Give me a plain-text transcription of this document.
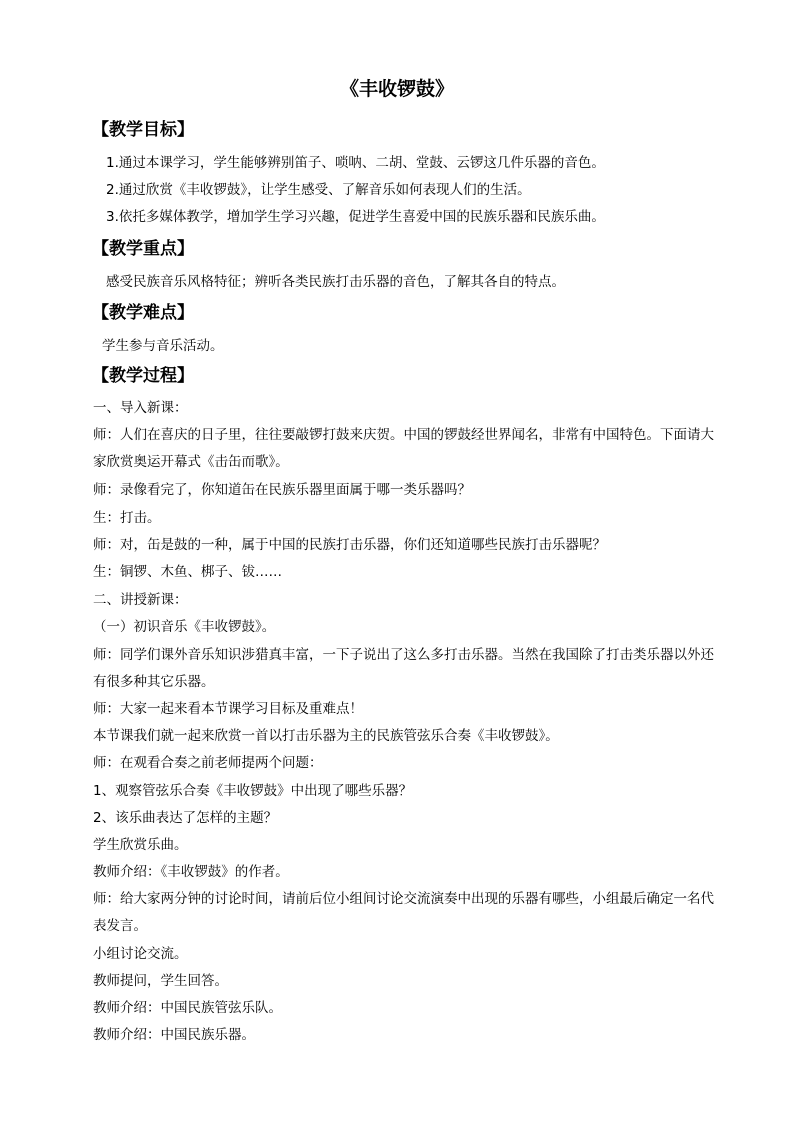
《丰收锣鼓》
【教学目标】
1.通过本课学习，学生能够辨别笛子、唢呐、二胡、堂鼓、云锣这几件乐器的音色。
2.通过欣赏《丰收锣鼓》，让学生感受、了解音乐如何表现人们的生活。
3.依托多媒体教学，增加学生学习兴趣，促进学生喜爱中国的民族乐器和民族乐曲。
【教学重点】
感受民族音乐风格特征；辨听各类民族打击乐器的音色，了解其各自的特点。
【教学难点】
学生参与音乐活动。
【教学过程】
一、导入新课：
师：人们在喜庆的日子里，往往要敲锣打鼓来庆贺。中国的锣鼓经世界闻名，非常有中国特色。下面请大
家欣赏奥运开幕式《击缶而歌》。
师：录像看完了，你知道缶在民族乐器里面属于哪一类乐器吗？
生：打击。
师：对，缶是鼓的一种，属于中国的民族打击乐器，你们还知道哪些民族打击乐器呢？
生：铜锣、木鱼、梆子、钹……
二、讲授新课：
（一）初识音乐《丰收锣鼓》。
师：同学们课外音乐知识涉猎真丰富，一下子说出了这么多打击乐器。当然在我国除了打击类乐器以外还
有很多种其它乐器。
师：大家一起来看本节课学习目标及重难点！
本节课我们就一起来欣赏一首以打击乐器为主的民族管弦乐合奏《丰收锣鼓》。
师：在观看合奏之前老师提两个问题：
1、观察管弦乐合奏《丰收锣鼓》中出现了哪些乐器？
2、该乐曲表达了怎样的主题？
学生欣赏乐曲。
教师介绍：《丰收锣鼓》的作者。
师：给大家两分钟的讨论时间，请前后位小组间讨论交流演奏中出现的乐器有哪些，小组最后确定一名代
表发言。
小组讨论交流。
教师提问，学生回答。
教师介绍：中国民族管弦乐队。
教师介绍：中国民族乐器。
